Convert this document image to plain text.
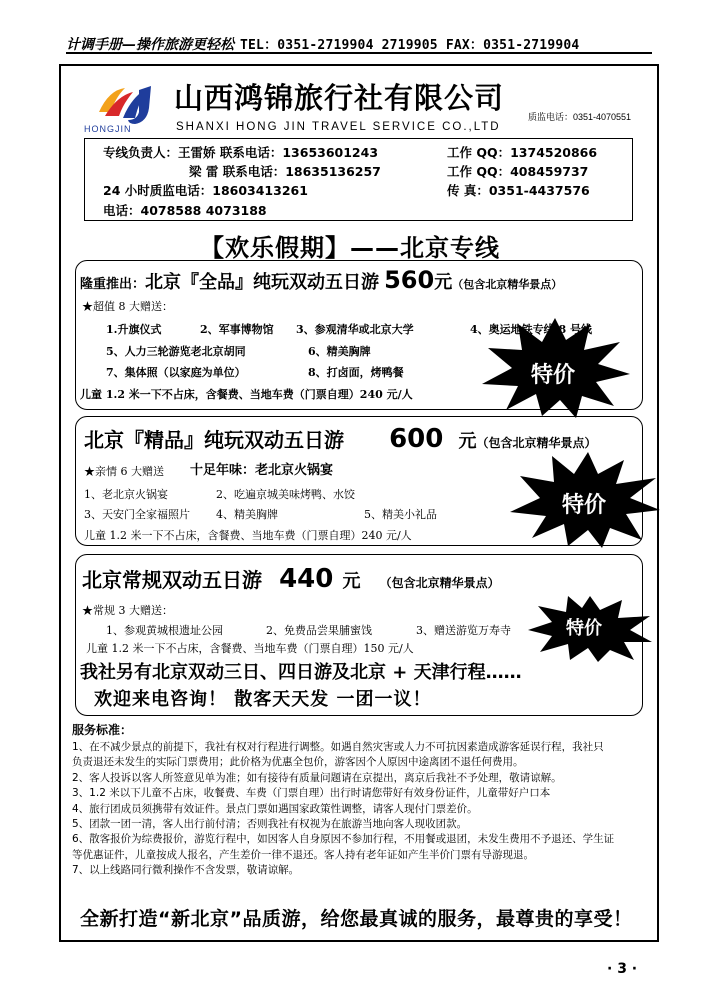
计调手册—操作旅游更轻松 TEL：0351-2719904 2719905 FAX：0351-2719904
HONGJIN
山西鸿锦旅行社有限公司
SHANXI HONG JIN TRAVEL SERVICE CO.,LTD
质监电话：0351-4070551
专线负责人：王雷娇 联系电话：13653601243	工作 QQ：1374520866
梁 雷 联系电话：18635136257	工作 QQ：408459737
24 小时质监电话：18603413261	传 真：0351-4437576
电话：4078588 4073188
【欢乐假期】——北京专线
隆重推出：北京『全品』纯玩双动五日游 560元（包含北京精华景点）
★超值 8 大赠送：
1.升旗仪式	2、军事博物馆 3、参观清华或北京大学	4、奥运地铁专线 8 号线
5、人力三轮游览老北京胡同	6、精美胸牌
7、集体照（以家庭为单位）	8、打卤面，烤鸭餐
儿童 1.2 米一下不占床，含餐费、当地车费（门票自理）240 元/人
特价
北京『精品』纯玩双动五日游 600 元（包含北京精华景点）
★亲情 6 大赠送 十足年味：老北京火锅宴
1、老北京火锅宴	2、吃遍京城美味烤鸭、水饺
3、天安门全家福照片 4、精美胸牌	5、精美小礼品
儿童 1.2 米一下不占床，含餐费、当地车费（门票自理）240 元/人
特价
北京常规双动五日游 440 元 （包含北京精华景点）
★常规 3 大赠送：
1、参观黄城根遗址公园	2、免费品尝果脯蜜饯	3、赠送游览万寿寺
儿童 1.2 米一下不占床，含餐费、当地车费（门票自理）150 元/人
特价
我社另有北京双动三日、四日游及北京 + 天津行程……
欢迎来电咨询！ 散客天天发 一团一议！
服务标准：
1、在不减少景点的前提下，我社有权对行程进行调整。如遇自然灾害或人力不可抗因素造成游客延误行程，我社只
负责退还未发生的实际门票费用；此价格为优惠全包价，游客因个人原因中途离团不退任何费用。
2、客人投诉以客人所签意见单为准；如有接待有质量问题请在京提出，离京后我社不予处理，敬请谅解。
3、1.2 米以下儿童不占床，收餐费、车费（门票自理）出行时请您带好有效身份证件，儿童带好户口本
4、旅行团成员须携带有效证件。景点门票如遇国家政策性调整，请客人现付门票差价。
5、团款一团一清，客人出行前付清；否则我社有权视为在旅游当地向客人现收团款。
6、散客报价为综费报价，游览行程中，如因客人自身原因不参加行程，不用餐或退团，未发生费用不予退还、学生证
等优惠证件，儿童按成人报名，产生差价一律不退还。客人持有老年证如产生半价门票有导游现退。
7、以上线路同行微利操作不含发票，敬请谅解。
全新打造“新北京”品质游，给您最真诚的服务，最尊贵的享受！
· 3 ·
